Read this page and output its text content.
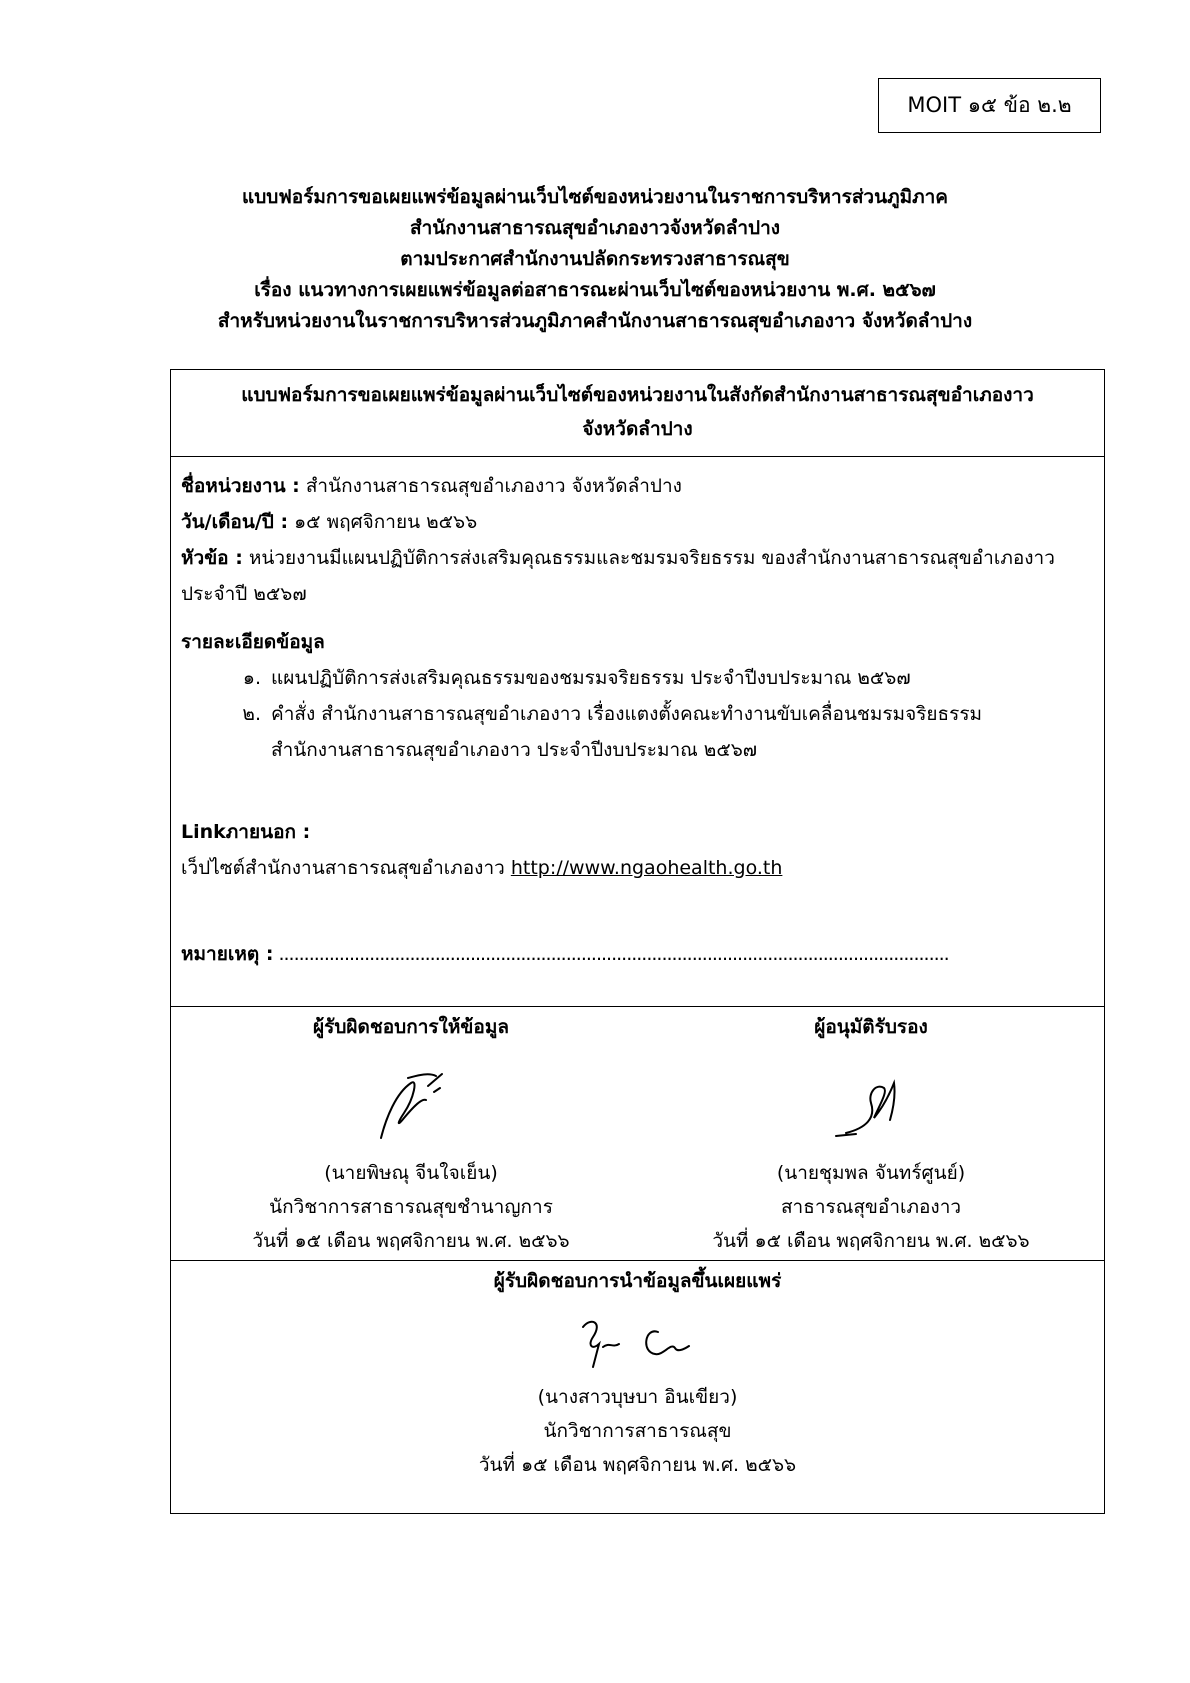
MOIT ๑๕ ข้อ ๒.๒
แบบฟอร์มการขอเผยแพร่ข้อมูลผ่านเว็บไซต์ของหน่วยงานในราชการบริหารส่วนภูมิภาค
สำนักงานสาธารณสุขอำเภองาวจังหวัดลำปาง
ตามประกาศสำนักงานปลัดกระทรวงสาธารณสุข
เรื่อง แนวทางการเผยแพร่ข้อมูลต่อสาธารณะผ่านเว็บไซต์ของหน่วยงาน พ.ศ. ๒๕๖๗
สำหรับหน่วยงานในราชการบริหารส่วนภูมิภาคสำนักงานสาธารณสุขอำเภองาว จังหวัดลำปาง
แบบฟอร์มการขอเผยแพร่ข้อมูลผ่านเว็บไซต์ของหน่วยงานในสังกัดสำนักงานสาธารณสุขอำเภองาว
จังหวัดลำปาง
ชื่อหน่วยงาน : สำนักงานสาธารณสุขอำเภองาว จังหวัดลำปาง
วัน/เดือน/ปี : ๑๕ พฤศจิกายน ๒๕๖๖
หัวข้อ : หน่วยงานมีแผนปฏิบัติการส่งเสริมคุณธรรมและชมรมจริยธรรม ของสำนักงานสาธารณสุขอำเภองาว
ประจำปี ๒๕๖๗
รายละเอียดข้อมูล
๑. แผนปฏิบัติการส่งเสริมคุณธรรมของชมรมจริยธรรม ประจำปีงบประมาณ ๒๕๖๗
๒. คำสั่ง สำนักงานสาธารณสุขอำเภองาว เรื่องแตงตั้งคณะทำงานขับเคลื่อนชมรมจริยธรรม
สำนักงานสาธารณสุขอำเภองาว ประจำปีงบประมาณ ๒๕๖๗
Linkภายนอก :
เว็ปไซต์สำนักงานสาธารณสุขอำเภองาว http://www.ngaohealth.go.th
หมายเหตุ : .....................................................................................................................................
ผู้รับผิดชอบการให้ข้อมูล
(นายพิษณุ จีนใจเย็น)
นักวิชาการสาธารณสุขชำนาญการ
วันที่ ๑๕ เดือน พฤศจิกายน พ.ศ. ๒๕๖๖
ผู้อนุมัติรับรอง
(นายชุมพล จันทร์ศูนย์)
สาธารณสุขอำเภองาว
วันที่ ๑๕ เดือน พฤศจิกายน พ.ศ. ๒๕๖๖
ผู้รับผิดชอบการนำข้อมูลขึ้นเผยแพร่
(นางสาวบุษบา อินเขียว)
นักวิชาการสาธารณสุข
วันที่ ๑๕ เดือน พฤศจิกายน พ.ศ. ๒๕๖๖
